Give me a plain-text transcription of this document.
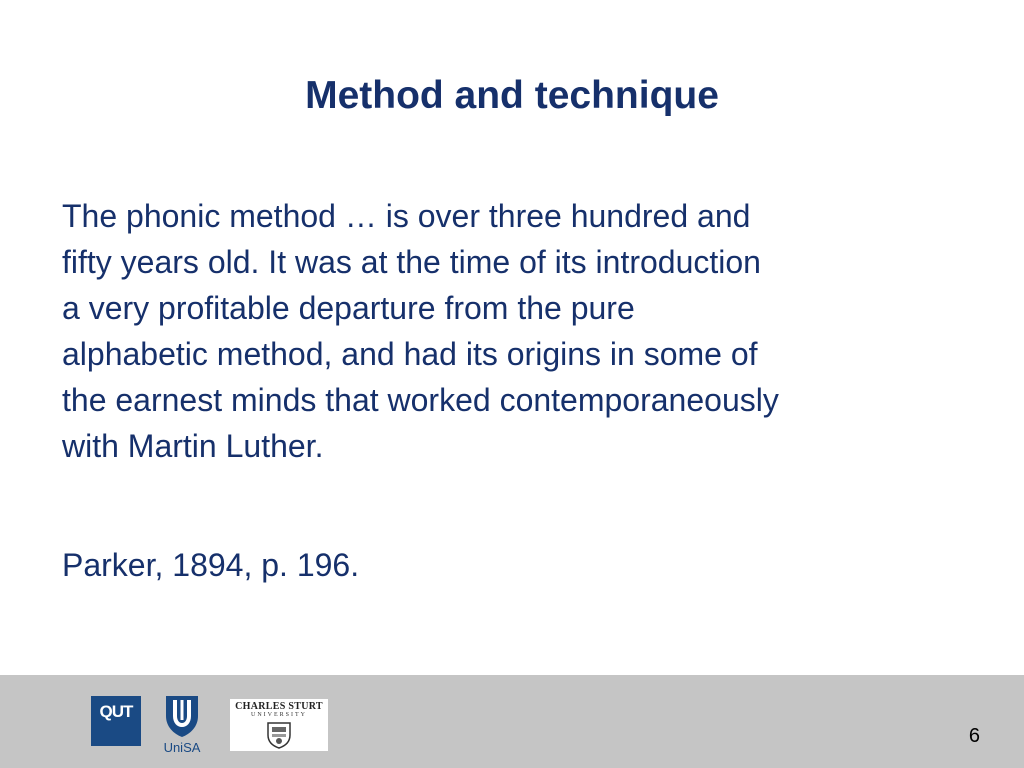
Method and technique

The phonic method … is over three hundred and
fifty years old. It was at the time of its introduction
a very profitable departure from the pure
alphabetic method, and had its origins in some of
the earnest minds that worked contemporaneously
with Martin Luther.

Parker, 1894, p. 196.

QUT
UniSA
CHARLES STURT
UNIVERSITY
6
